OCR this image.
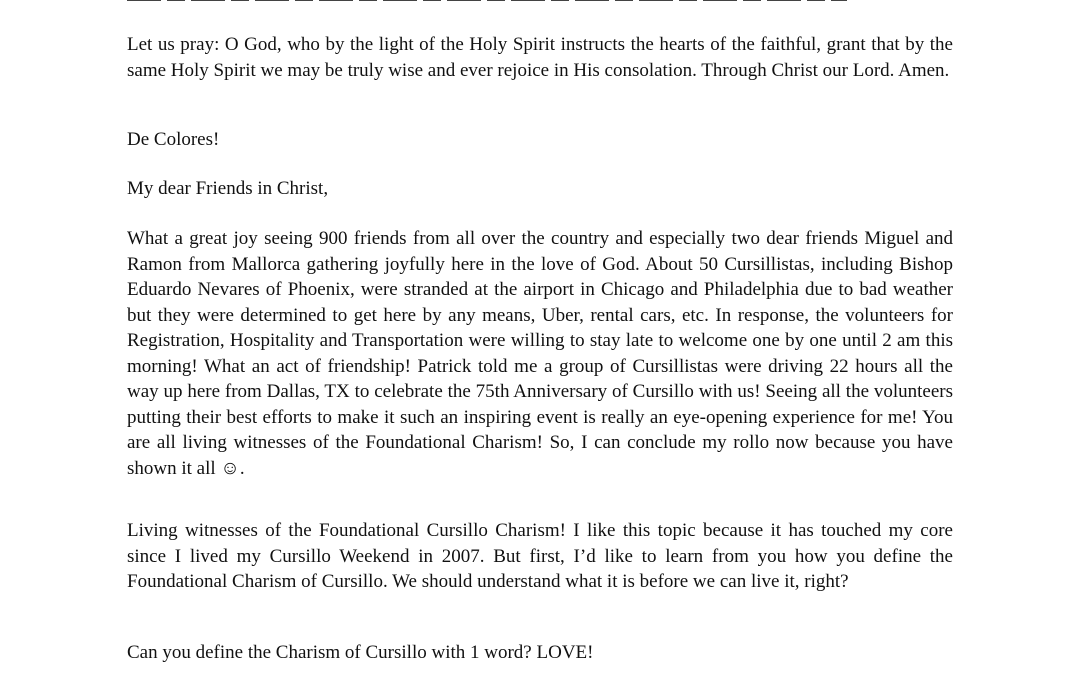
Let us pray: O God, who by the light of the Holy Spirit instructs the hearts of the faithful, grant that by the same Holy Spirit we may be truly wise and ever rejoice in His consolation. Through Christ our Lord. Amen.

De Colores!

My dear Friends in Christ,

What a great joy seeing 900 friends from all over the country and especially two dear friends Miguel and Ramon from Mallorca gathering joyfully here in the love of God. About 50 Cursillistas, including Bishop Eduardo Nevares of Phoenix, were stranded at the airport in Chicago and Philadelphia due to bad weather but they were determined to get here by any means, Uber, rental cars, etc. In response, the volunteers for Registration, Hospitality and Transportation were willing to stay late to welcome one by one until 2 am this morning! What an act of friendship! Patrick told me a group of Cursillistas were driving 22 hours all the way up here from Dallas, TX to celebrate the 75th Anniversary of Cursillo with us! Seeing all the volunteers putting their best efforts to make it such an inspiring event is really an eye-opening experience for me! You are all living witnesses of the Foundational Charism! So, I can conclude my rollo now because you have shown it all ☺.

Living witnesses of the Foundational Cursillo Charism! I like this topic because it has touched my core since I lived my Cursillo Weekend in 2007. But first, I’d like to learn from you how you define the Foundational Charism of Cursillo. We should understand what it is before we can live it, right?

Can you define the Charism of Cursillo with 1 word? LOVE!
